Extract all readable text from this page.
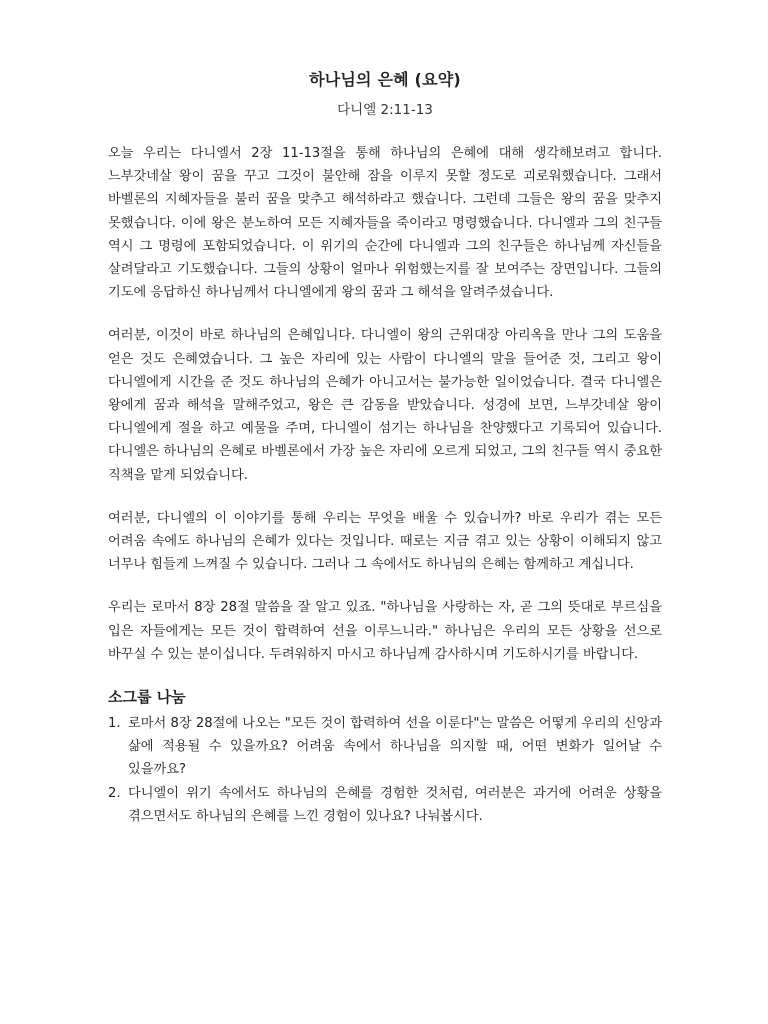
하나님의 은혜 (요약)
다니엘 2:11-13

오늘 우리는 다니엘서 2장 11-13절을 통해 하나님의 은혜에 대해 생각해보려고 합니다. 느부갓네살 왕이 꿈을 꾸고 그것이 불안해 잠을 이루지 못할 정도로 괴로워했습니다. 그래서 바벨론의 지혜자들을 불러 꿈을 맞추고 해석하라고 했습니다. 그런데 그들은 왕의 꿈을 맞추지 못했습니다. 이에 왕은 분노하여 모든 지혜자들을 죽이라고 명령했습니다. 다니엘과 그의 친구들 역시 그 명령에 포함되었습니다. 이 위기의 순간에 다니엘과 그의 친구들은 하나님께 자신들을 살려달라고 기도했습니다. 그들의 상황이 얼마나 위험했는지를 잘 보여주는 장면입니다. 그들의 기도에 응답하신 하나님께서 다니엘에게 왕의 꿈과 그 해석을 알려주셨습니다.

여러분, 이것이 바로 하나님의 은혜입니다. 다니엘이 왕의 근위대장 아리옥을 만나 그의 도움을 얻은 것도 은혜였습니다. 그 높은 자리에 있는 사람이 다니엘의 말을 들어준 것, 그리고 왕이 다니엘에게 시간을 준 것도 하나님의 은혜가 아니고서는 불가능한 일이었습니다. 결국 다니엘은 왕에게 꿈과 해석을 말해주었고, 왕은 큰 감동을 받았습니다. 성경에 보면, 느부갓네살 왕이 다니엘에게 절을 하고 예물을 주며, 다니엘이 섬기는 하나님을 찬양했다고 기록되어 있습니다. 다니엘은 하나님의 은혜로 바벨론에서 가장 높은 자리에 오르게 되었고, 그의 친구들 역시 중요한 직책을 맡게 되었습니다.

여러분, 다니엘의 이 이야기를 통해 우리는 무엇을 배울 수 있습니까? 바로 우리가 겪는 모든 어려움 속에도 하나님의 은혜가 있다는 것입니다. 때로는 지금 겪고 있는 상황이 이해되지 않고 너무나 힘들게 느껴질 수 있습니다. 그러나 그 속에서도 하나님의 은혜는 함께하고 계십니다.

우리는 로마서 8장 28절 말씀을 잘 알고 있죠. "하나님을 사랑하는 자, 곧 그의 뜻대로 부르심을 입은 자들에게는 모든 것이 합력하여 선을 이루느니라." 하나님은 우리의 모든 상황을 선으로 바꾸실 수 있는 분이십니다. 두려워하지 마시고 하나님께 감사하시며 기도하시기를 바랍니다.

소그룹 나눔
1. 로마서 8장 28절에 나오는 "모든 것이 합력하여 선을 이룬다"는 말씀은 어떻게 우리의 신앙과 삶에 적용될 수 있을까요? 어려움 속에서 하나님을 의지할 때, 어떤 변화가 일어날 수 있을까요?
2. 다니엘이 위기 속에서도 하나님의 은혜를 경험한 것처럼, 여러분은 과거에 어려운 상황을 겪으면서도 하나님의 은혜를 느낀 경험이 있나요? 나눠봅시다.
